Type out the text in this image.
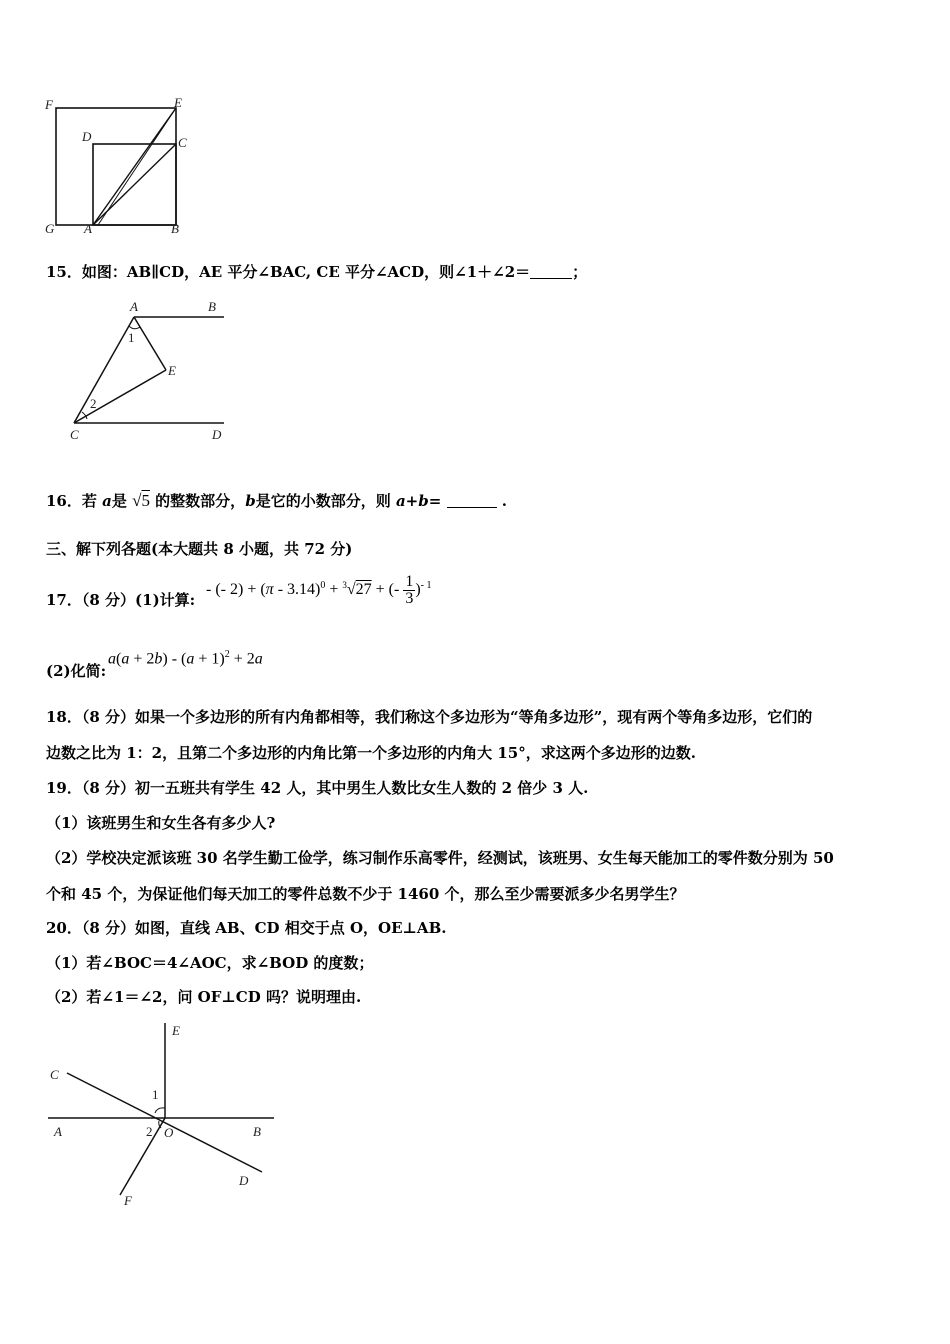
F	E
D	C
G A	B
15．如图：AB∥CD，AE 平分∠BAC, CE 平分∠ACD，则∠1＋∠2＝	；
A	B
E
C	D
1
2
16．若 a是 √5 的整数部分，b是它的小数部分，则 a+b=	.
三、解下列各题(本大题共 8 小题，共 72 分)
17．（8 分）(1)计算:
- (- 2) + (π - 3.14)$^0$ + $^3$√27 + (- $\frac{1}{3} )^{- 1}$
(2)化简:
$a(a + 2b) - (a + 1)^2 + 2a$
18．（8 分）如果一个多边形的所有内角都相等，我们称这个多边形为“等角多边形”，现有两个等角多边形，它们的
边数之比为 1：2，且第二个多边形的内角比第一个多边形的内角大 15°，求这两个多边形的边数.
19．（8 分）初一五班共有学生 42 人，其中男生人数比女生人数的 2 倍少 3 人.
（1）该班男生和女生各有多少人?
（2）学校决定派该班 30 名学生勤工俭学，练习制作乐高零件，经测试，该班男、女生每天能加工的零件数分别为 50
个和 45 个，为保证他们每天加工的零件总数不少于 1460 个，那么至少需要派多少名男学生？
20．（8 分）如图，直线 AB、CD 相交于点 O，OE⊥AB.
（1）若∠BOC＝4∠AOC，求∠BOD 的度数；
（2）若∠1＝∠2，问 OF⊥CD 吗？说明理由.
E
C
A	B
O
D
F
1
2
